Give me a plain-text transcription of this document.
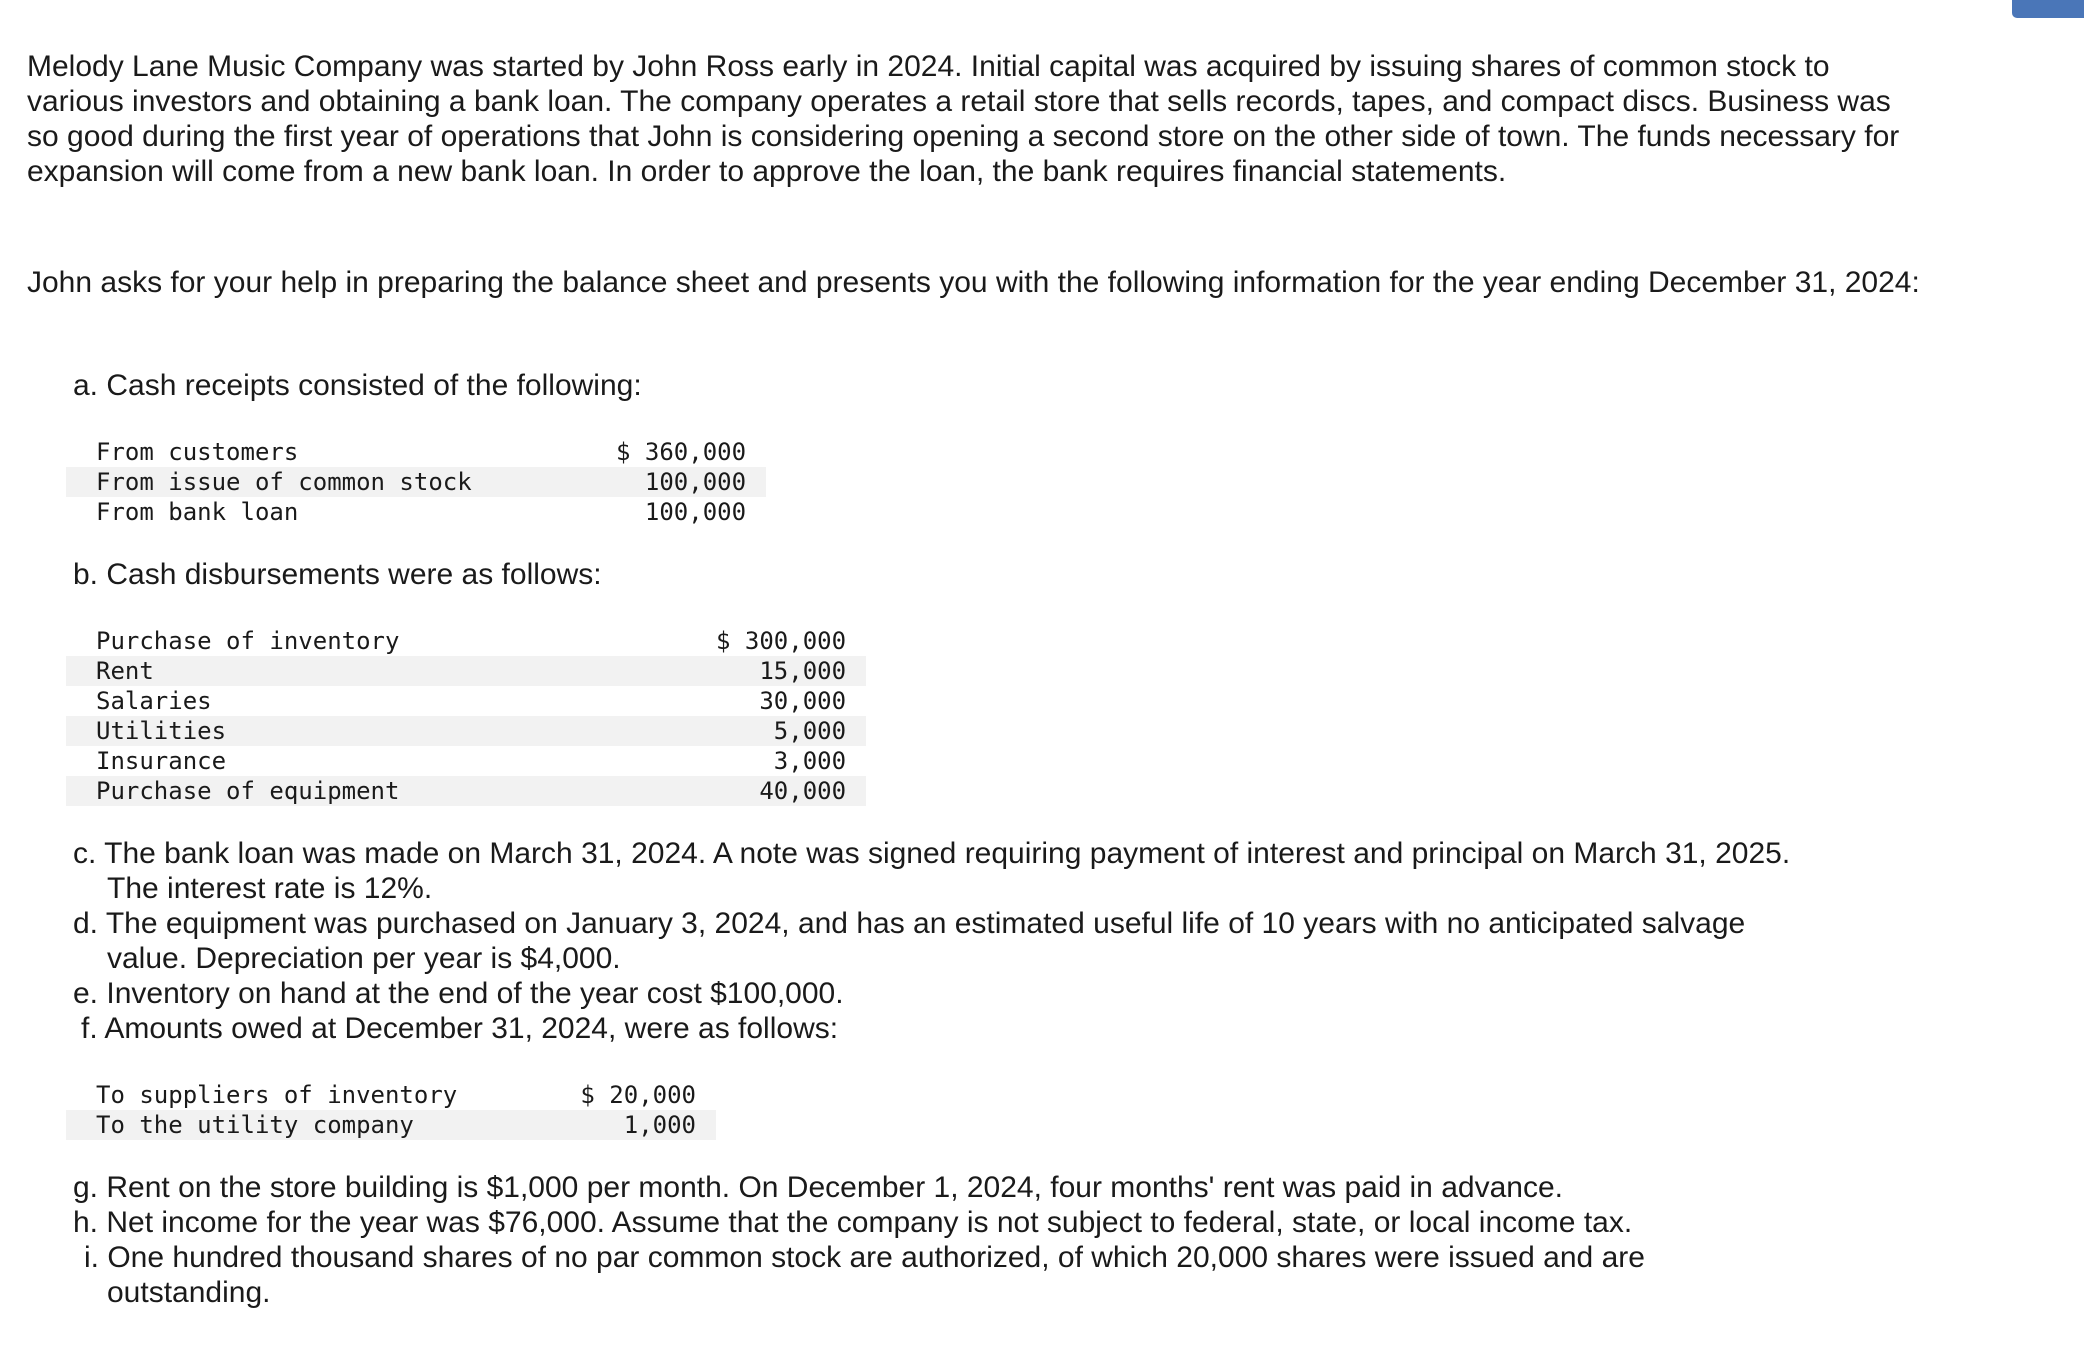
Melody Lane Music Company was started by John Ross early in 2024. Initial capital was acquired by issuing shares of common stock to various investors and obtaining a bank loan. The company operates a retail store that sells records, tapes, and compact discs. Business was so good during the first year of operations that John is considering opening a second store on the other side of town. The funds necessary for expansion will come from a new bank loan. In order to approve the loan, the bank requires financial statements.

John asks for your help in preparing the balance sheet and presents you with the following information for the year ending December 31, 2024:

a. Cash receipts consisted of the following:

From customers	$ 360,000
From issue of common stock	100,000
From bank loan	100,000

b. Cash disbursements were as follows:

Purchase of inventory	$ 300,000
Rent	15,000
Salaries	30,000
Utilities	5,000
Insurance	3,000
Purchase of equipment	40,000

c. The bank loan was made on March 31, 2024. A note was signed requiring payment of interest and principal on March 31, 2025.
The interest rate is 12%.

d. The equipment was purchased on January 3, 2024, and has an estimated useful life of 10 years with no anticipated salvage
value. Depreciation per year is $4,000.

e. Inventory on hand at the end of the year cost $100,000.

f. Amounts owed at December 31, 2024, were as follows:

To suppliers of inventory	$ 20,000
To the utility company	1,000

g. Rent on the store building is $1,000 per month. On December 1, 2024, four months' rent was paid in advance.

h. Net income for the year was $76,000. Assume that the company is not subject to federal, state, or local income tax.

i. One hundred thousand shares of no par common stock are authorized, of which 20,000 shares were issued and are
outstanding.
